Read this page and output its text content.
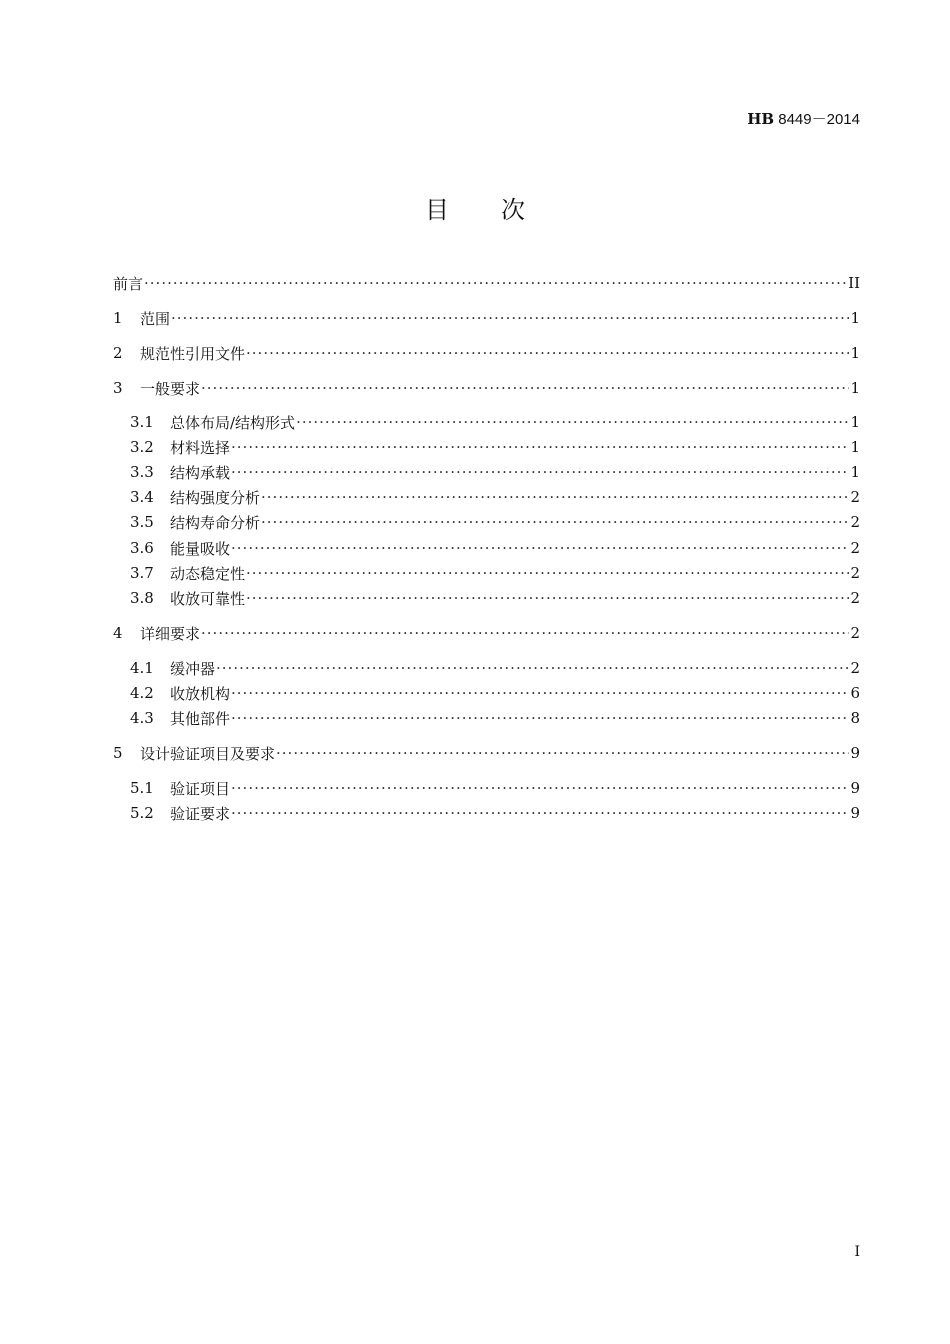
HB 8449－2014
目次
前言 ·····	II
1	范围 ·····	1
2	规范性引用文件 ·····	1
3	一般要求 ·····	1
3.1	总体布局/结构形式 ·····	1
3.2	材料选择 ·····	1
3.3	结构承载 ·····	1
3.4	结构强度分析 ·····	2
3.5	结构寿命分析 ·····	2
3.6	能量吸收 ·····	2
3.7	动态稳定性 ·····	2
3.8	收放可靠性 ·····	2
4	详细要求 ·····	2
4.1	缓冲器 ·····	2
4.2	收放机构 ·····	6
4.3	其他部件 ·····	8
5	设计验证项目及要求 ·····	9
5.1	验证项目 ·····	9
5.2	验证要求 ·····	9
I
